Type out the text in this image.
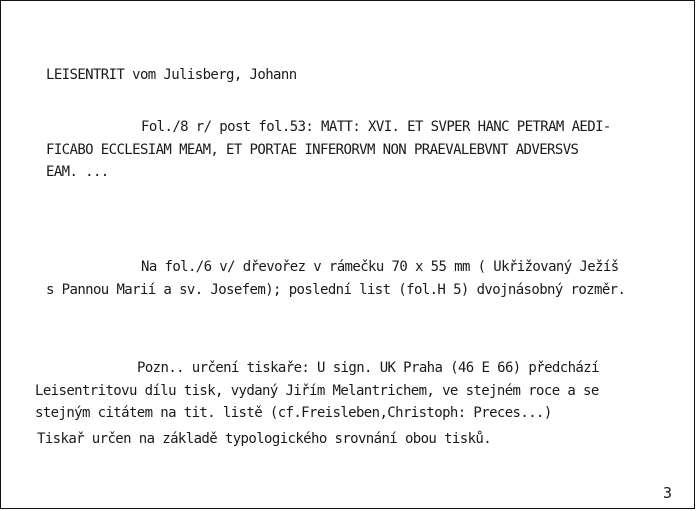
LEISENTRIT vom Julisberg, Johann
Fol./8 r/ post fol.53: MATT: XVI. ET SVPER HANC PETRAM AEDI-
FICABO ECCLESIAM MEAM, ET PORTAE INFERORVM NON PRAEVALEBVNT ADVERSVS
EAM. ...
Na fol./6 v/ dřevořez v rámečku 70 x 55 mm ( Ukřižovaný Ježíš
s Pannou Marií a sv. Josefem); poslední list (fol.H 5) dvojnásobný rozměr.
Pozn.. určení tiskaře: U sign. UK Praha (46 E 66) předchází
Leisentritovu dílu tisk, vydaný Jiřím Melantrichem, ve stejném roce a se
stejným citátem na tit. listě (cf.Freisleben,Christoph: Preces...)
Tiskař určen na základě typologického srovnání obou tisků.
3
